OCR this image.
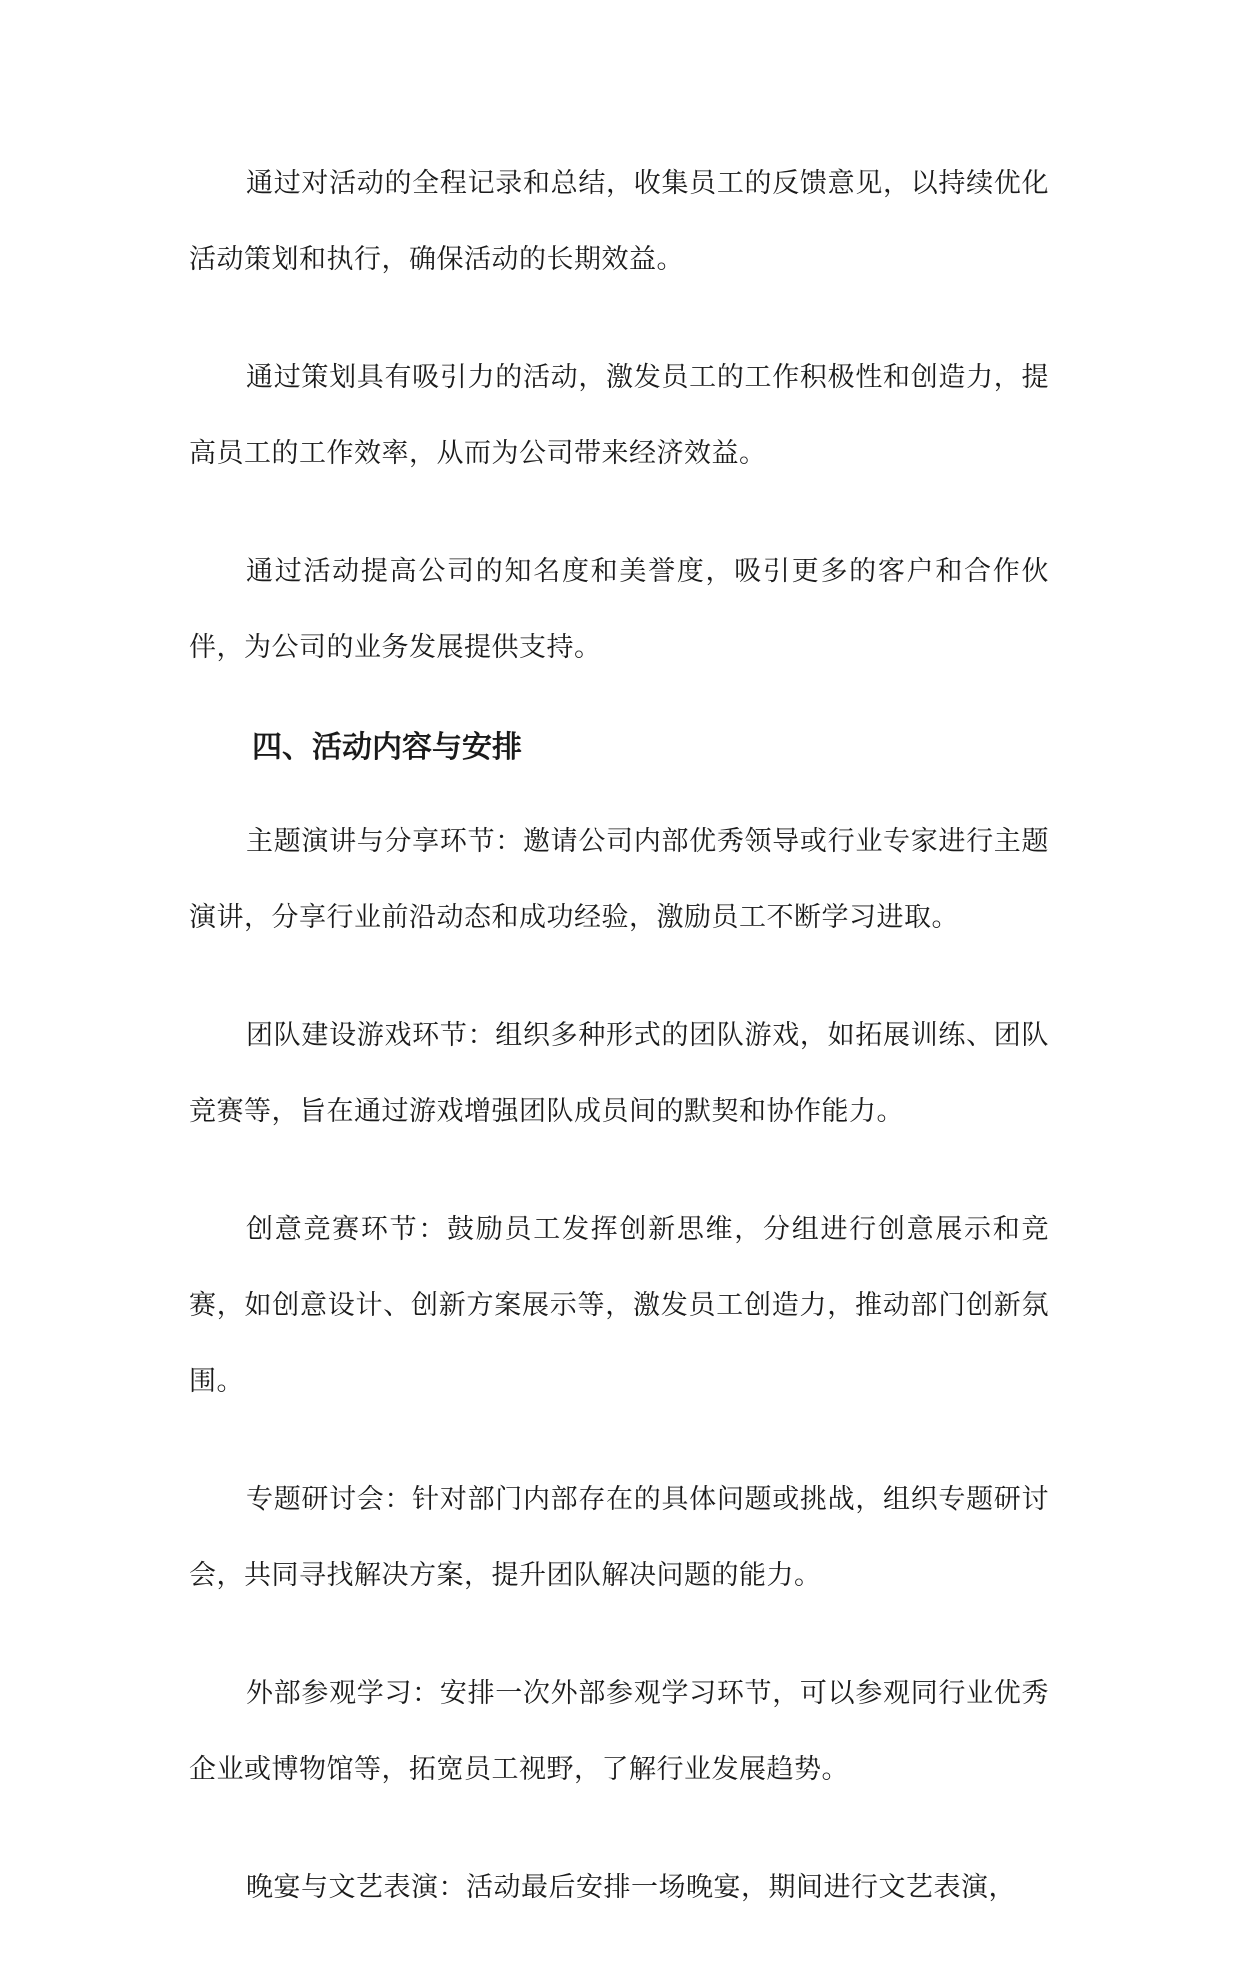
通过对活动的全程记录和总结，收集员工的反馈意见，以持续优化活动策划和执行，确保活动的长期效益。

通过策划具有吸引力的活动，激发员工的工作积极性和创造力，提高员工的工作效率，从而为公司带来经济效益。

通过活动提高公司的知名度和美誉度，吸引更多的客户和合作伙伴，为公司的业务发展提供支持。

四、活动内容与安排

主题演讲与分享环节：邀请公司内部优秀领导或行业专家进行主题演讲，分享行业前沿动态和成功经验，激励员工不断学习进取。

团队建设游戏环节：组织多种形式的团队游戏，如拓展训练、团队竞赛等，旨在通过游戏增强团队成员间的默契和协作能力。

创意竞赛环节：鼓励员工发挥创新思维，分组进行创意展示和竞赛，如创意设计、创新方案展示等，激发员工创造力，推动部门创新氛围。

专题研讨会：针对部门内部存在的具体问题或挑战，组织专题研讨会，共同寻找解决方案，提升团队解决问题的能力。

外部参观学习：安排一次外部参观学习环节，可以参观同行业优秀企业或博物馆等，拓宽员工视野，了解行业发展趋势。

晚宴与文艺表演：活动最后安排一场晚宴，期间进行文艺表演，
